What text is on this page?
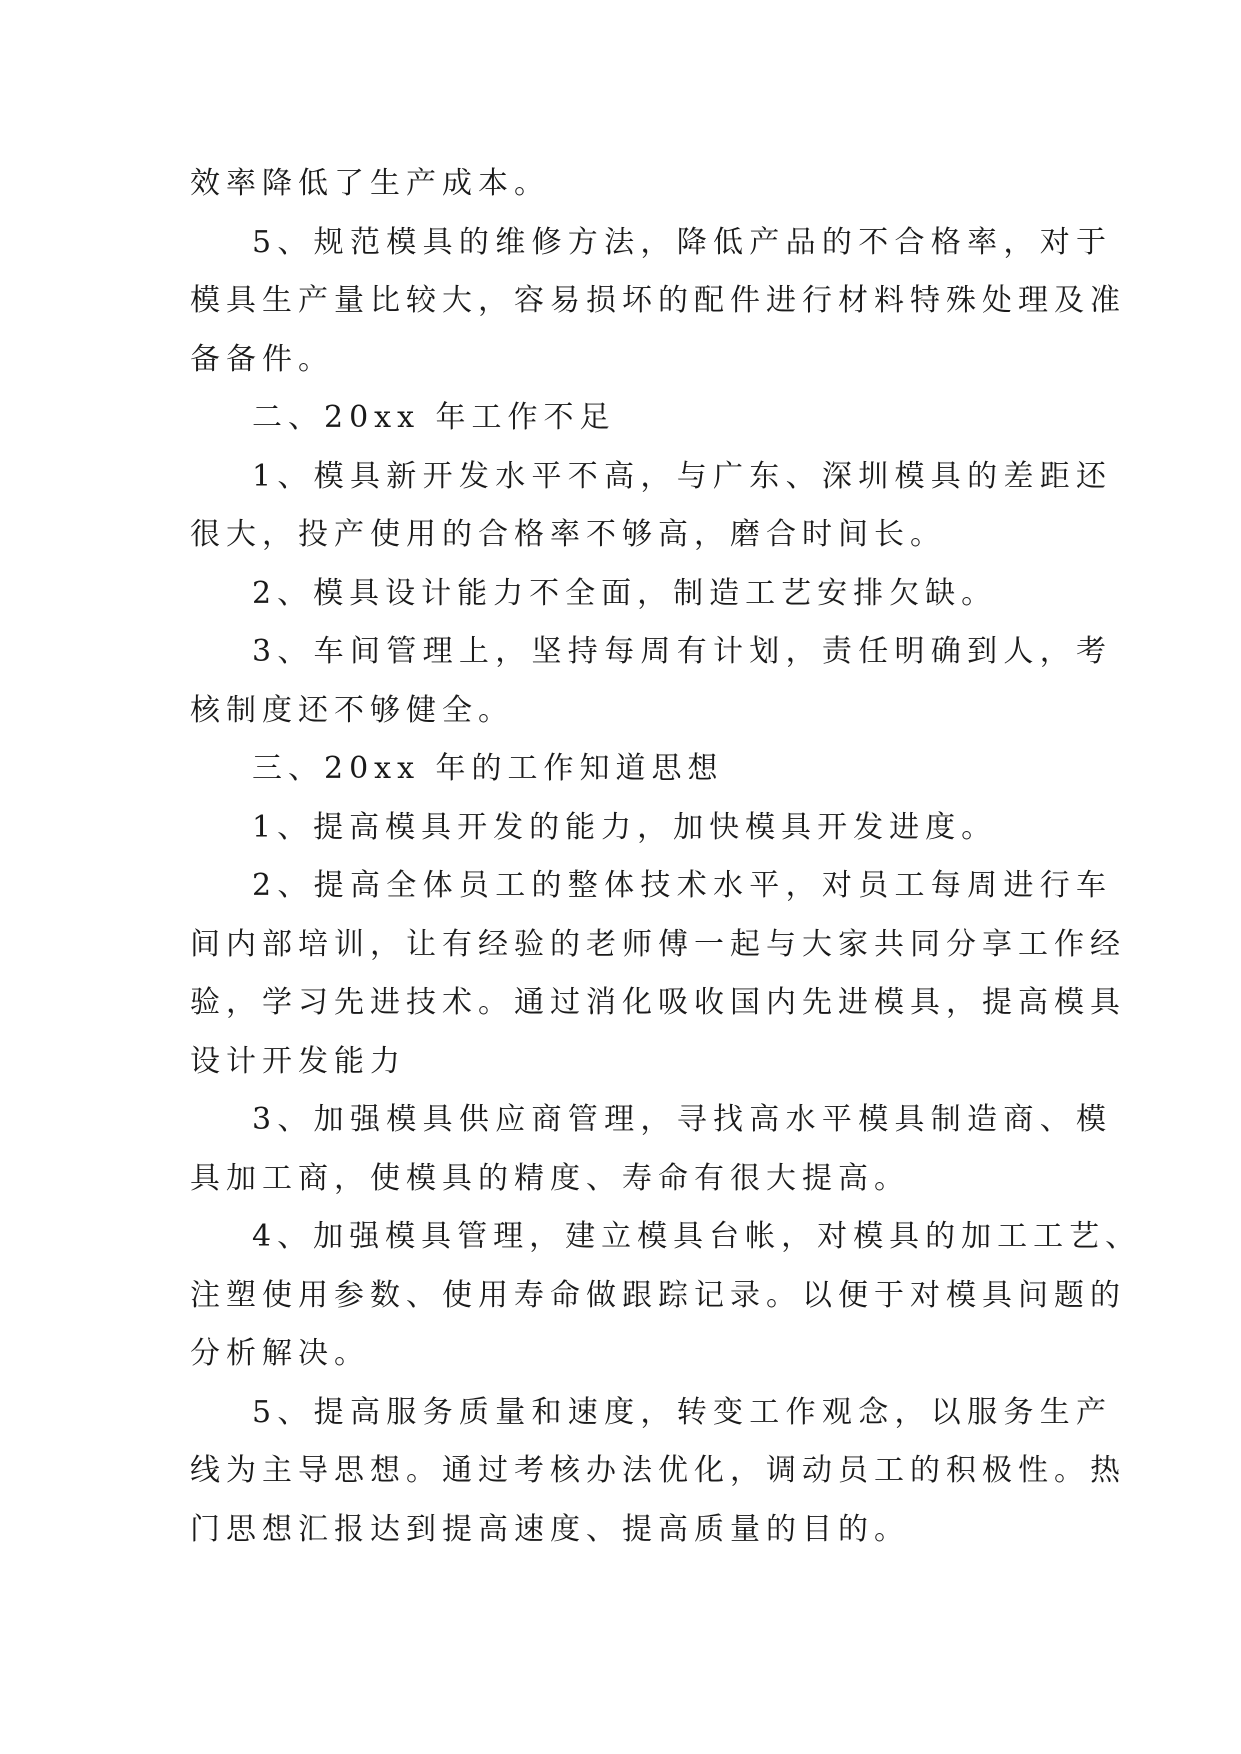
效率降低了生产成本。
5、规范模具的维修方法，降低产品的不合格率，对于
模具生产量比较大，容易损坏的配件进行材料特殊处理及准
备备件。
二、20xx 年工作不足
1、模具新开发水平不高，与广东、深圳模具的差距还
很大，投产使用的合格率不够高，磨合时间长。
2、模具设计能力不全面，制造工艺安排欠缺。
3、车间管理上，坚持每周有计划，责任明确到人，考
核制度还不够健全。
三、20xx 年的工作知道思想
1、提高模具开发的能力，加快模具开发进度。
2、提高全体员工的整体技术水平，对员工每周进行车
间内部培训，让有经验的老师傅一起与大家共同分享工作经
验，学习先进技术。通过消化吸收国内先进模具，提高模具
设计开发能力
3、加强模具供应商管理，寻找高水平模具制造商、模
具加工商，使模具的精度、寿命有很大提高。
4、加强模具管理，建立模具台帐，对模具的加工工艺、
注塑使用参数、使用寿命做跟踪记录。以便于对模具问题的
分析解决。
5、提高服务质量和速度，转变工作观念，以服务生产
线为主导思想。通过考核办法优化，调动员工的积极性。热
门思想汇报达到提高速度、提高质量的目的。
